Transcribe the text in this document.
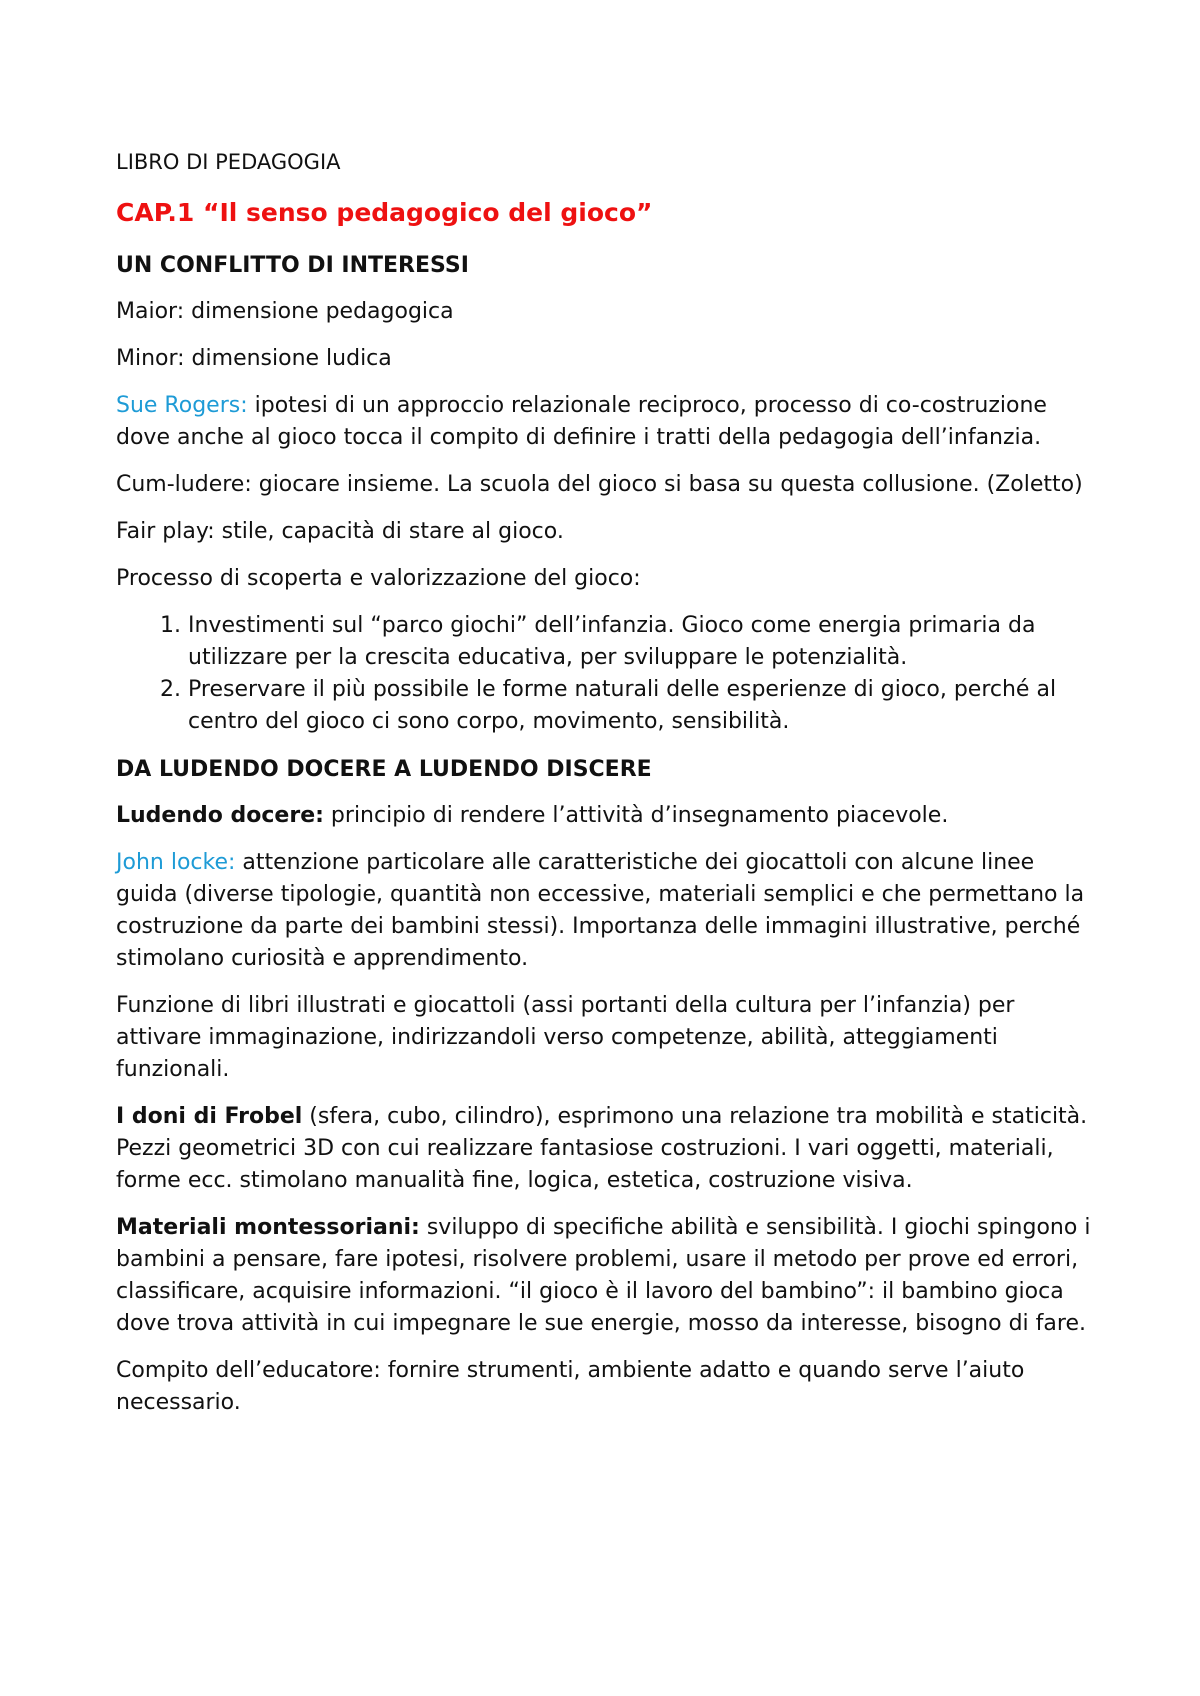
LIBRO DI PEDAGOGIA

CAP.1 “Il senso pedagogico del gioco”

UN CONFLITTO DI INTERESSI

Maior: dimensione pedagogica

Minor: dimensione ludica

Sue Rogers: ipotesi di un approccio relazionale reciproco, processo di co-costruzione dove anche al gioco tocca il compito di definire i tratti della pedagogia dell’infanzia.

Cum-ludere: giocare insieme. La scuola del gioco si basa su questa collusione. (Zoletto)

Fair play: stile, capacità di stare al gioco.

Processo di scoperta e valorizzazione del gioco:

1. Investimenti sul “parco giochi” dell’infanzia. Gioco come energia primaria da utilizzare per la crescita educativa, per sviluppare le potenzialità.
2. Preservare il più possibile le forme naturali delle esperienze di gioco, perché al centro del gioco ci sono corpo, movimento, sensibilità.

DA LUDENDO DOCERE A LUDENDO DISCERE

Ludendo docere: principio di rendere l’attività d’insegnamento piacevole.

John locke: attenzione particolare alle caratteristiche dei giocattoli con alcune linee guida (diverse tipologie, quantità non eccessive, materiali semplici e che permettano la costruzione da parte dei bambini stessi). Importanza delle immagini illustrative, perché stimolano curiosità e apprendimento.

Funzione di libri illustrati e giocattoli (assi portanti della cultura per l’infanzia) per attivare immaginazione, indirizzandoli verso competenze, abilità, atteggiamenti funzionali.

I doni di Frobel (sfera, cubo, cilindro), esprimono una relazione tra mobilità e staticità. Pezzi geometrici 3D con cui realizzare fantasiose costruzioni. I vari oggetti, materiali, forme ecc. stimolano manualità fine, logica, estetica, costruzione visiva.

Materiali montessoriani: sviluppo di specifiche abilità e sensibilità. I giochi spingono i bambini a pensare, fare ipotesi, risolvere problemi, usare il metodo per prove ed errori, classificare, acquisire informazioni. “il gioco è il lavoro del bambino”: il bambino gioca dove trova attività in cui impegnare le sue energie, mosso da interesse, bisogno di fare.

Compito dell’educatore: fornire strumenti, ambiente adatto e quando serve l’aiuto necessario.
